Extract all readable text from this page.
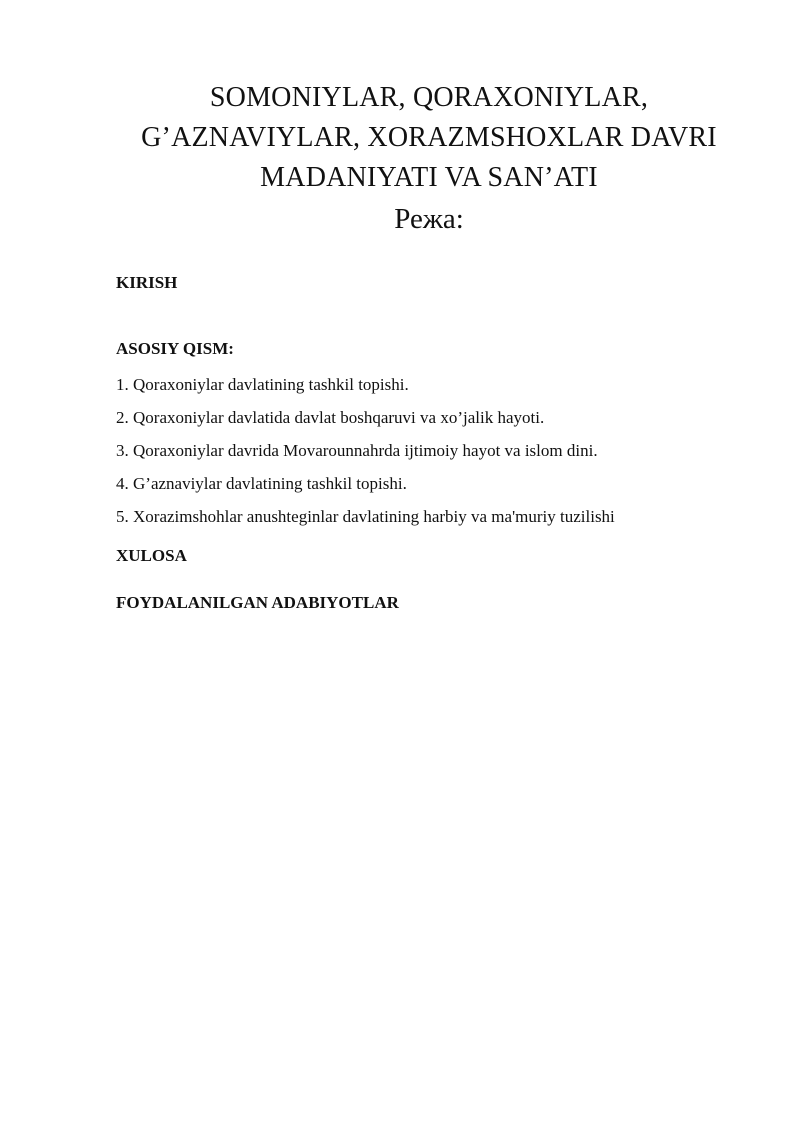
SOMONIYLAR, QORAXONIYLAR,
G’AZNAVIYLAR, XORAZMSHOXLAR DAVRI
MADANIYATI VA SAN’ATI
Режа:
KIRISH
ASOSIY QISM:
1. Qoraxoniylar davlatining tashkil topishi.
2. Qoraxoniylar davlatida davlat boshqaruvi va xo’jalik hayoti.
3. Qoraxoniylar davrida Movarounnahrda ijtimoiy hayot va islom dini.
4. G’aznaviylar davlatining tashkil topishi.
5. Xorazimshohlar anushteginlar davlatining harbiy va ma'muriy tuzilishi
XULOSA
FOYDALANILGAN ADABIYOTLAR
